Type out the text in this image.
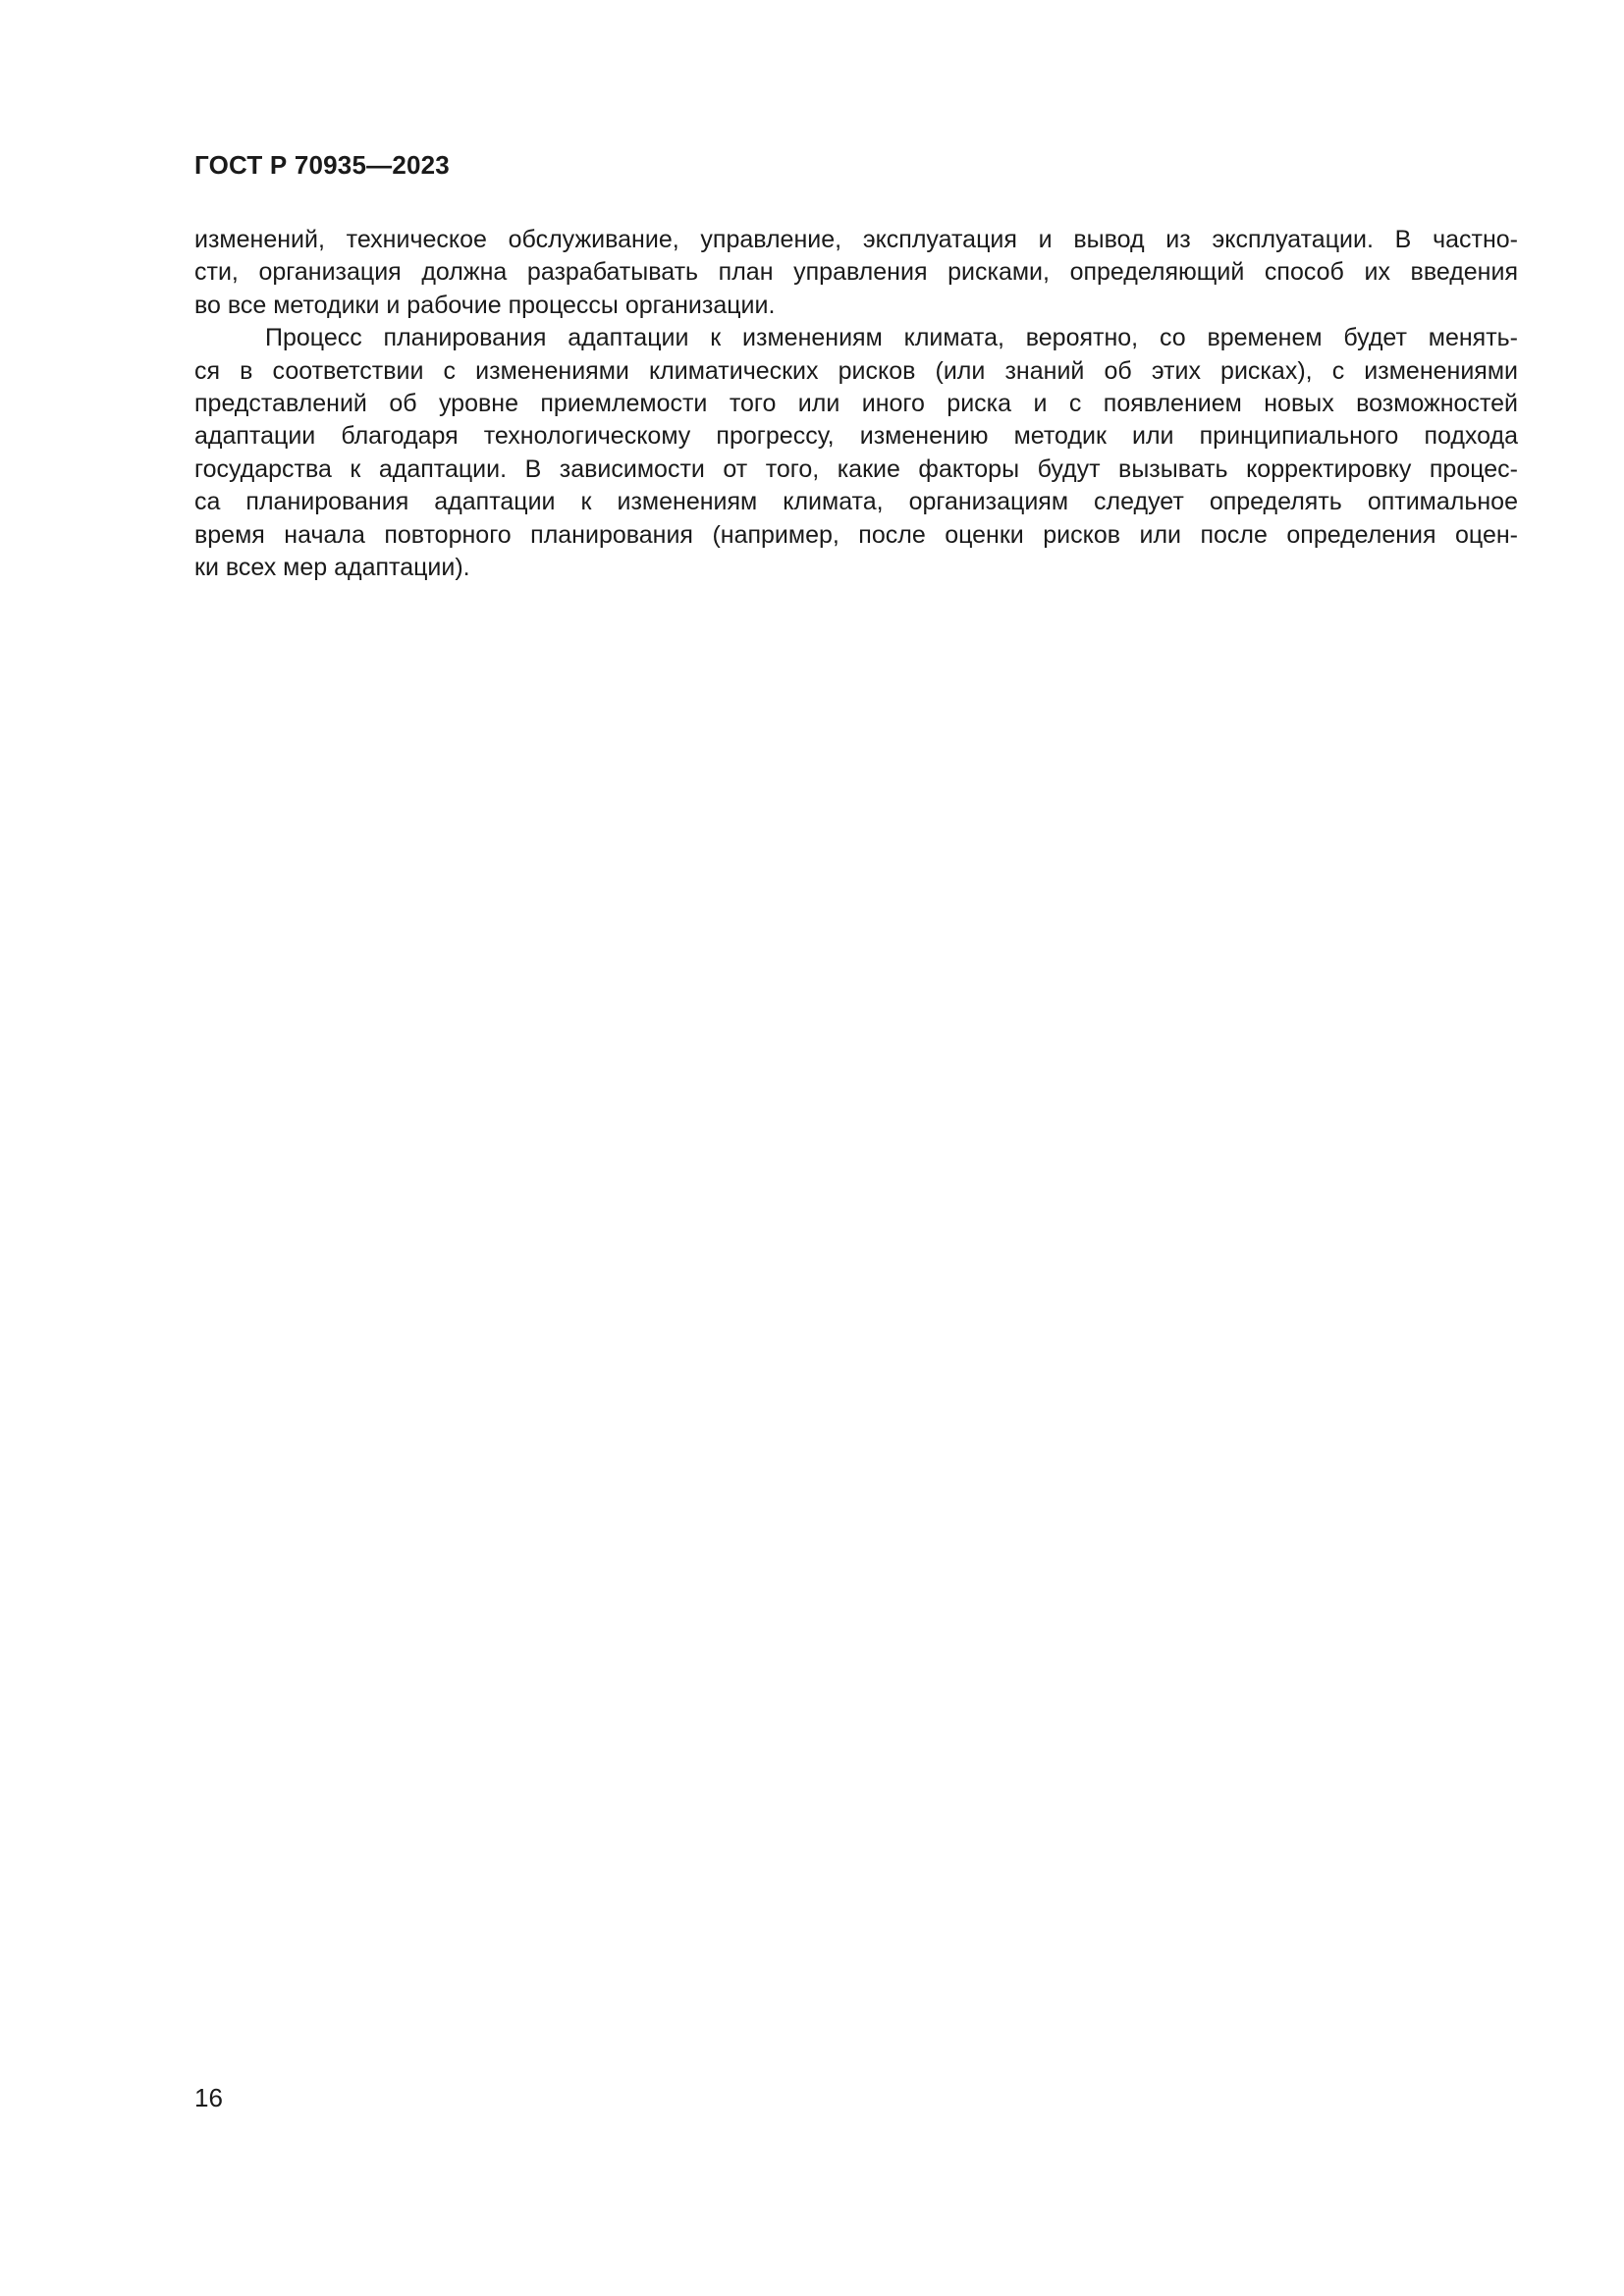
ГОСТ Р 70935—2023

изменений, техническое обслуживание, управление, эксплуатация и вывод из эксплуатации. В частно-
сти, организация должна разрабатывать план управления рисками, определяющий способ их введения
во все методики и рабочие процессы организации.

Процесс планирования адаптации к изменениям климата, вероятно, со временем будет менять-
ся в соответствии с изменениями климатических рисков (или знаний об этих рисках), с изменениями
представлений об уровне приемлемости того или иного риска и с появлением новых возможностей
адаптации благодаря технологическому прогрессу, изменению методик или принципиального подхода
государства к адаптации. В зависимости от того, какие факторы будут вызывать корректировку процес-
са планирования адаптации к изменениям климата, организациям следует определять оптимальное
время начала повторного планирования (например, после оценки рисков или после определения оцен-
ки всех мер адаптации).

16
